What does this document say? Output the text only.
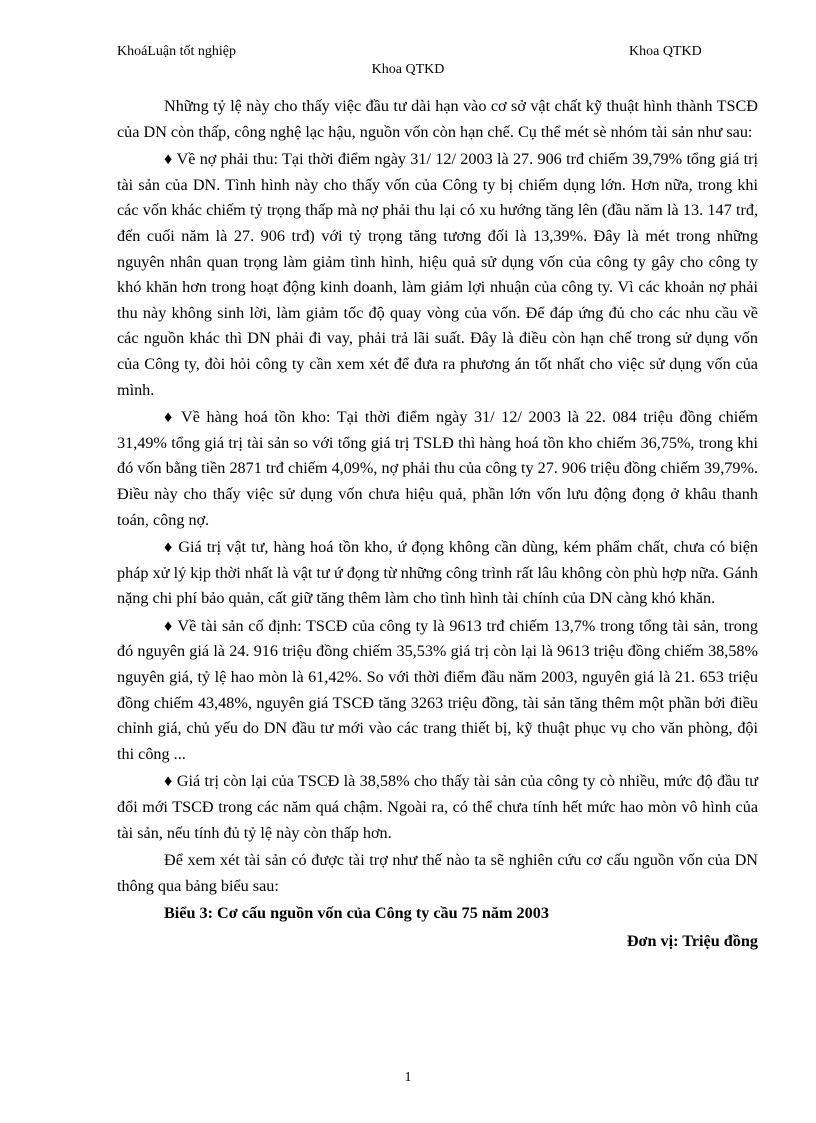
KhoáLuận tốt nghiệp	Khoa QTKD
Khoa QTKD

Những tỷ lệ này cho thấy việc đầu tư dài hạn vào cơ sở vật chất kỹ thuật hình thành TSCĐ của DN còn thấp, công nghệ lạc hậu, nguồn vốn còn hạn chế. Cụ thể mét sè nhóm tài sản như sau:

♦ Về nợ phải thu: Tại thời điểm ngày 31/ 12/ 2003 là 27. 906 trđ chiếm 39,79% tổng giá trị tài sản của DN. Tình hình này cho thấy vốn của Công ty bị chiếm dụng lớn. Hơn nữa, trong khi các vốn khác chiếm tỷ trọng thấp mà nợ phải thu lại có xu hướng tăng lên (đầu năm là 13. 147 trđ, đến cuối năm là 27. 906 trđ) với tỷ trọng tăng tương đối là 13,39%. Đây là mét trong những nguyên nhân quan trọng làm giảm tình hình, hiệu quả sử dụng vốn của công ty gây cho công ty khó khăn hơn trong hoạt động kinh doanh, làm giảm lợi nhuận của công ty. Vì các khoản nợ phải thu này không sinh lời, làm giảm tốc độ quay vòng của vốn. Để đáp ứng đủ cho các nhu cầu về các nguồn khác thì DN phải đi vay, phải trả lãi suất. Đây là điều còn hạn chế trong sử dụng vốn của Công ty, đòi hỏi công ty cần xem xét để đưa ra phương án tốt nhất cho việc sử dụng vốn của mình.

♦ Về hàng hoá tồn kho: Tại thời điểm ngày 31/ 12/ 2003 là 22. 084 triệu đồng chiếm 31,49% tổng giá trị tài sản so với tổng giá trị TSLĐ thì hàng hoá tồn kho chiếm 36,75%, trong khi đó vốn bằng tiền 2871 trđ chiếm 4,09%, nợ phải thu của công ty 27. 906 triệu đồng chiếm 39,79%. Điều này cho thấy việc sử dụng vốn chưa hiệu quả, phần lớn vốn lưu động đọng ở khâu thanh toán, công nợ.

♦ Giá trị vật tư, hàng hoá tồn kho, ứ đọng không cần dùng, kém phẩm chất, chưa có biện pháp xử lý kịp thời nhất là vật tư ứ đọng từ những công trình rất lâu không còn phù hợp nữa. Gánh nặng chi phí bảo quản, cất giữ tăng thêm làm cho tình hình tài chính của DN càng khó khăn.

♦ Về tài sản cố định: TSCĐ của công ty là 9613 trđ chiếm 13,7% trong tổng tài sản, trong đó nguyên giá là 24. 916 triệu đồng chiếm 35,53% giá trị còn lại là 9613 triệu đồng chiếm 38,58% nguyên giá, tỷ lệ hao mòn là 61,42%. So với thời điểm đầu năm 2003, nguyên giá là 21. 653 triệu đồng chiếm 43,48%, nguyên giá TSCĐ tăng 3263 triệu đồng, tài sản tăng thêm một phần bởi điều chỉnh giá, chủ yếu do DN đầu tư mới vào các trang thiết bị, kỹ thuật phục vụ cho văn phòng, đội thi công ...

♦ Giá trị còn lại của TSCĐ là 38,58% cho thấy tài sản của công ty cò nhiều, mức độ đầu tư đổi mới TSCĐ trong các năm quá chậm. Ngoài ra, có thể chưa tính hết mức hao mòn vô hình của tài sản, nếu tính đủ tỷ lệ này còn thấp hơn.

Để xem xét tài sản có được tài trợ như thế nào ta sẽ nghiên cứu cơ cấu nguồn vốn của DN thông qua bảng biểu sau:

Biểu 3: Cơ cấu nguồn vốn của Công ty cầu 75 năm 2003

Đơn vị: Triệu đồng

1
